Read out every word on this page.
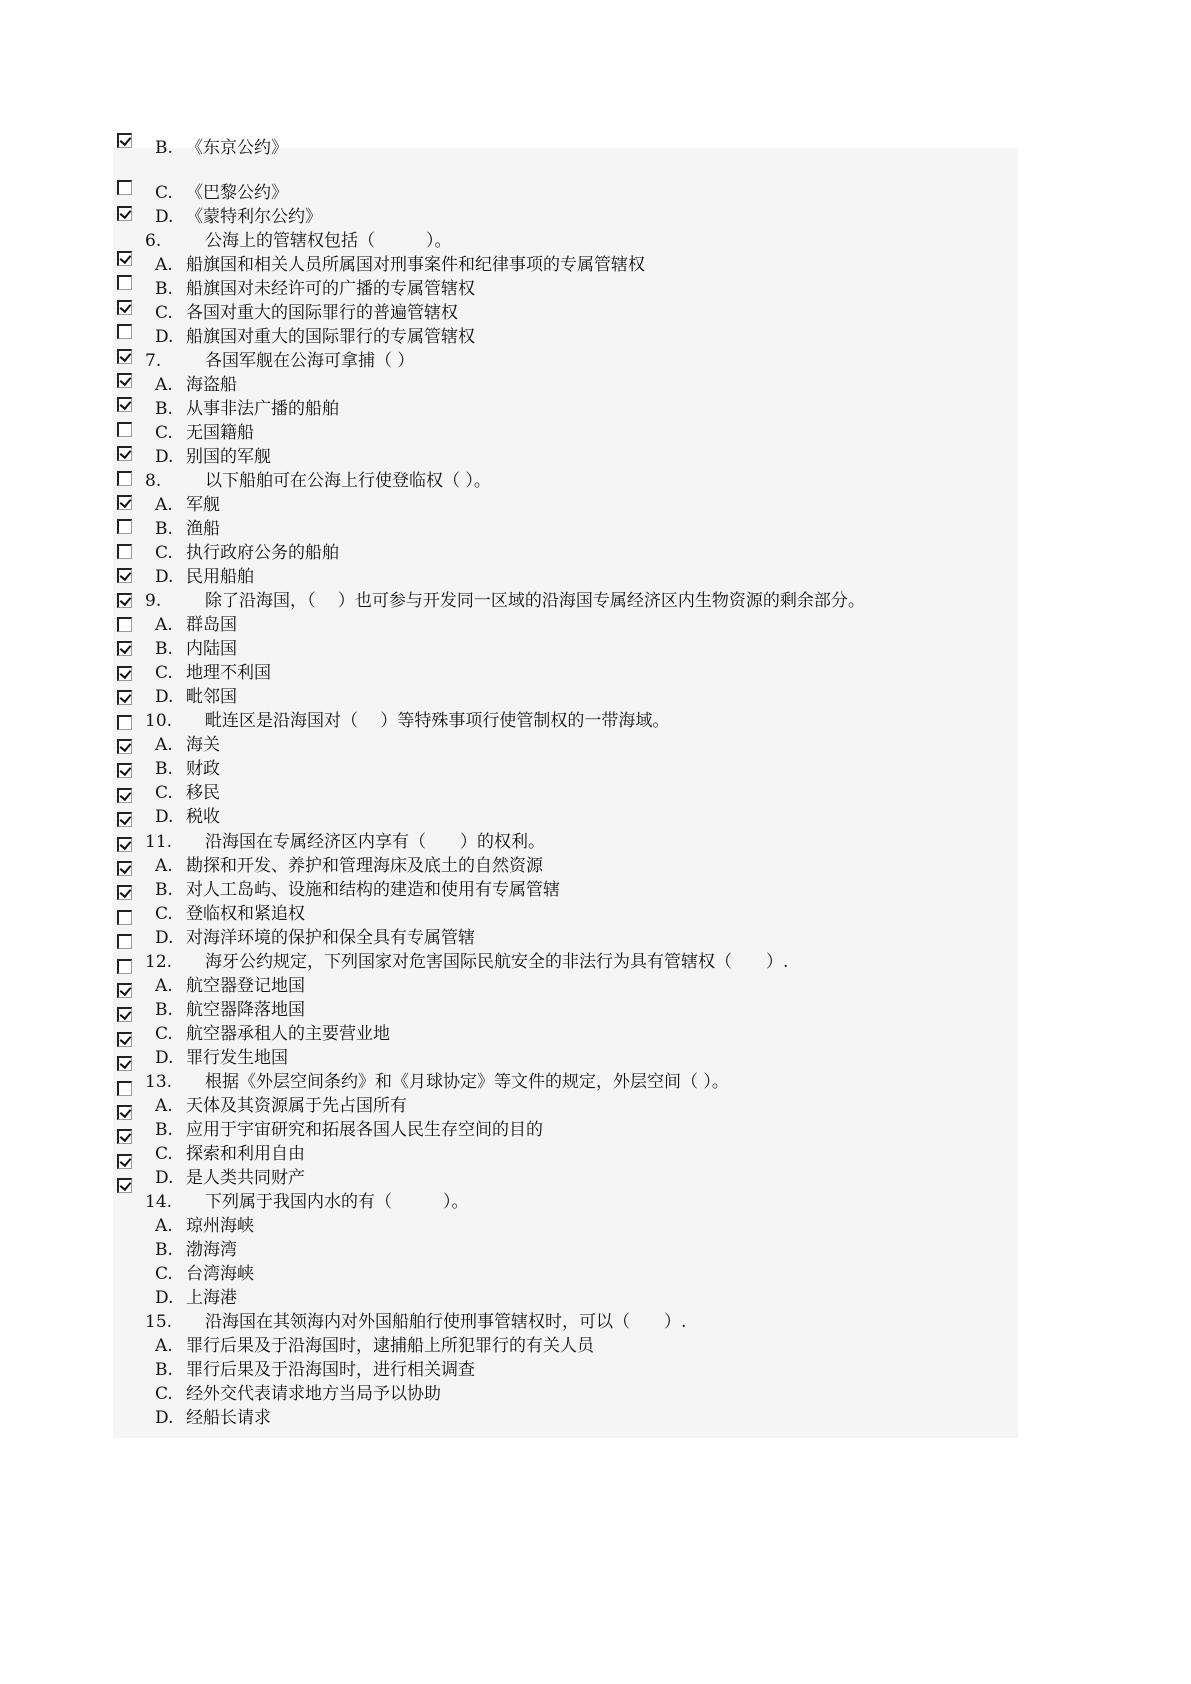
B. 《东京公约》
C. 《巴黎公约》
D. 《蒙特利尔公约》
6.	公海上的管辖权包括（　　　）。
A. 船旗国和相关人员所属国对刑事案件和纪律事项的专属管辖权
B. 船旗国对未经许可的广播的专属管辖权
C. 各国对重大的国际罪行的普遍管辖权
D. 船旗国对重大的国际罪行的专属管辖权
7.	各国军舰在公海可拿捕（ ）
A. 海盗船
B. 从事非法广播的船舶
C. 无国籍船
D. 别国的军舰
8.	以下船舶可在公海上行使登临权（ ）。
A. 军舰
B. 渔船
C. 执行政府公务的船舶
D. 民用船舶
9.	除了沿海国，（　 ）也可参与开发同一区域的沿海国专属经济区内生物资源的剩余部分。
A. 群岛国
B. 内陆国
C. 地理不利国
D. 毗邻国
10. 毗连区是沿海国对（　 ）等特殊事项行使管制权的一带海域。
A. 海关
B. 财政
C. 移民
D. 税收
11. 沿海国在专属经济区内享有（　　）的权利。
A. 勘探和开发、养护和管理海床及底土的自然资源
B. 对人工岛屿、设施和结构的建造和使用有专属管辖
C. 登临权和紧追权
D. 对海洋环境的保护和保全具有专属管辖
12. 海牙公约规定，下列国家对危害国际民航安全的非法行为具有管辖权（　　）.
A. 航空器登记地国
B. 航空器降落地国
C. 航空器承租人的主要营业地
D. 罪行发生地国
13. 根据《外层空间条约》和《月球协定》等文件的规定，外层空间（ ）。
A. 天体及其资源属于先占国所有
B. 应用于宇宙研究和拓展各国人民生存空间的目的
C. 探索和利用自由
D. 是人类共同财产
14. 下列属于我国内水的有（　　　）。
A. 琼州海峡
B. 渤海湾
C. 台湾海峡
D. 上海港
15. 沿海国在其领海内对外国船舶行使刑事管辖权时，可以（　　）.
A. 罪行后果及于沿海国时，逮捕船上所犯罪行的有关人员
B. 罪行后果及于沿海国时，进行相关调查
C. 经外交代表请求地方当局予以协助
D. 经船长请求
